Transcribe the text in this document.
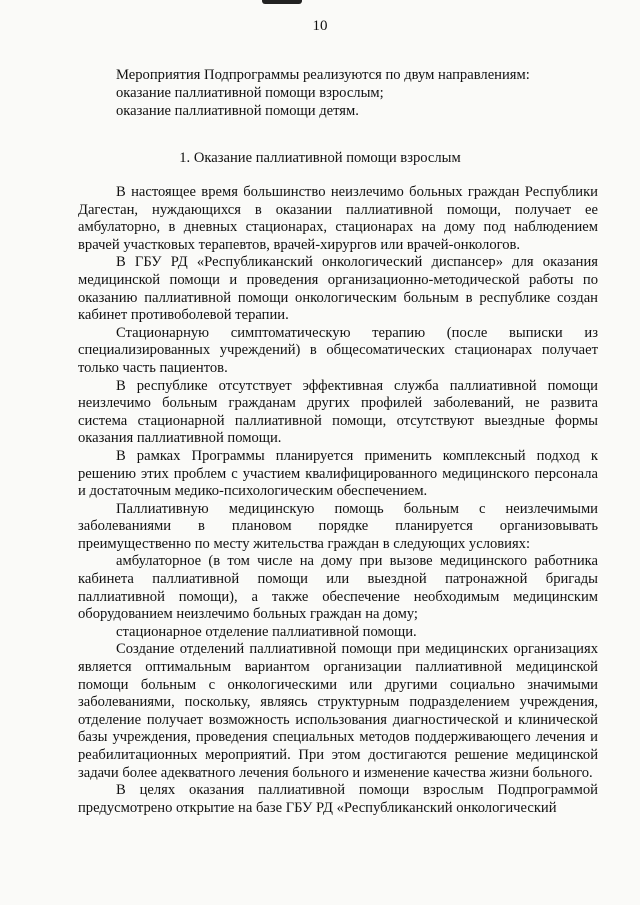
10
Мероприятия Подпрограммы реализуются по двум направлениям:
оказание паллиативной помощи взрослым;
оказание паллиативной помощи детям.
1. Оказание паллиативной помощи взрослым

В настоящее время большинство неизлечимо больных граждан Республики Дагестан, нуждающихся в оказании паллиативной помощи, получает ее амбулаторно, в дневных стационарах, стационарах на дому под наблюдением врачей участковых терапевтов, врачей-хирургов или врачей-онкологов.

В ГБУ РД «Республиканский онкологический диспансер» для оказания медицинской помощи и проведения организационно-методической работы по оказанию паллиативной помощи онкологическим больным в республике создан кабинет противоболевой терапии.

Стационарную симптоматическую терапию (после выписки из специализированных учреждений) в общесоматических стационарах получает только часть пациентов.

В республике отсутствует эффективная служба паллиативной помощи неизлечимо больным гражданам других профилей заболеваний, не развита система стационарной паллиативной помощи, отсутствуют выездные формы оказания паллиативной помощи.

В рамках Программы планируется применить комплексный подход к решению этих проблем с участием квалифицированного медицинского персонала и достаточным медико-психологическим обеспечением.

Паллиативную медицинскую помощь больным с неизлечимыми заболеваниями в плановом порядке планируется организовывать преимущественно по месту жительства граждан в следующих условиях:

амбулаторное (в том числе на дому при вызове медицинского работника кабинета паллиативной помощи или выездной патронажной бригады паллиативной помощи), а также обеспечение необходимым медицинским оборудованием неизлечимо больных граждан на дому;

стационарное отделение паллиативной помощи.

Создание отделений паллиативной помощи при медицинских организациях является оптимальным вариантом организации паллиативной медицинской помощи больным с онкологическими или другими социально значимыми заболеваниями, поскольку, являясь структурным подразделением учреждения, отделение получает возможность использования диагностической и клинической базы учреждения, проведения специальных методов поддерживающего лечения и реабилитационных мероприятий. При этом достигаются решение медицинской задачи более адекватного лечения больного и изменение качества жизни больного.

В целях оказания паллиативной помощи взрослым Подпрограммой предусмотрено открытие на базе ГБУ РД «Республиканский онкологический
